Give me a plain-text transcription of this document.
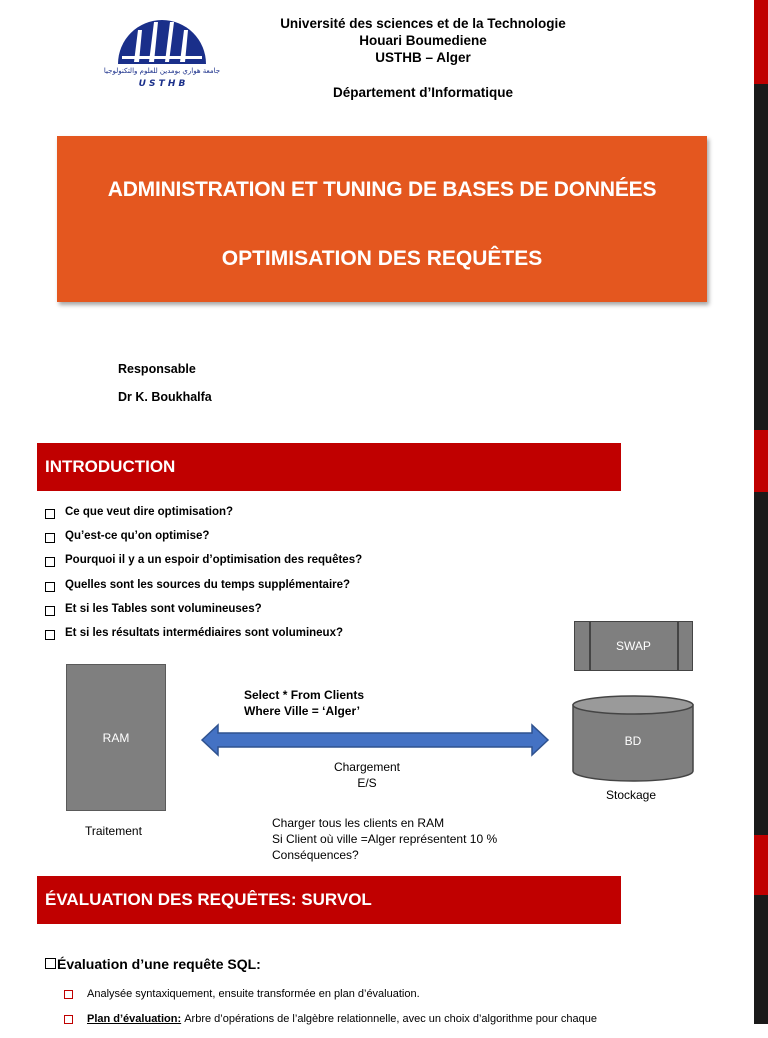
جامعة هواري بومدين للعلوم والتكنولوجيا
U S T H B
Université des sciences et de la Technologie
Houari Boumediene
USTHB – Alger
Département d’Informatique
ADMINISTRATION ET TUNING DE BASES DE DONNÉES
OPTIMISATION DES REQUÊTES
Responsable
Dr K. Boukhalfa
INTRODUCTION
Ce que veut dire optimisation?
Qu’est-ce qu’on optimise?
Pourquoi il y a un espoir d’optimisation des requêtes?
Quelles sont les sources du temps supplémentaire?
Et si les Tables sont volumineuses?
Et si les résultats intermédiaires sont volumineux?
RAM
SWAP
BD
Select * From Clients
Where Ville = ‘Alger’
Chargement
E/S
Stockage
Traitement
Charger tous les clients en RAM
Si Client où ville =Alger représentent 10 %
Conséquences?
ÉVALUATION DES REQUÊTES: SURVOL
Évaluation d’une requête SQL:
Analysée syntaxiquement, ensuite transformée en plan d’évaluation.
Plan d’évaluation: Arbre d’opérations de l’algèbre relationnelle, avec un choix d’algorithme pour chaque
